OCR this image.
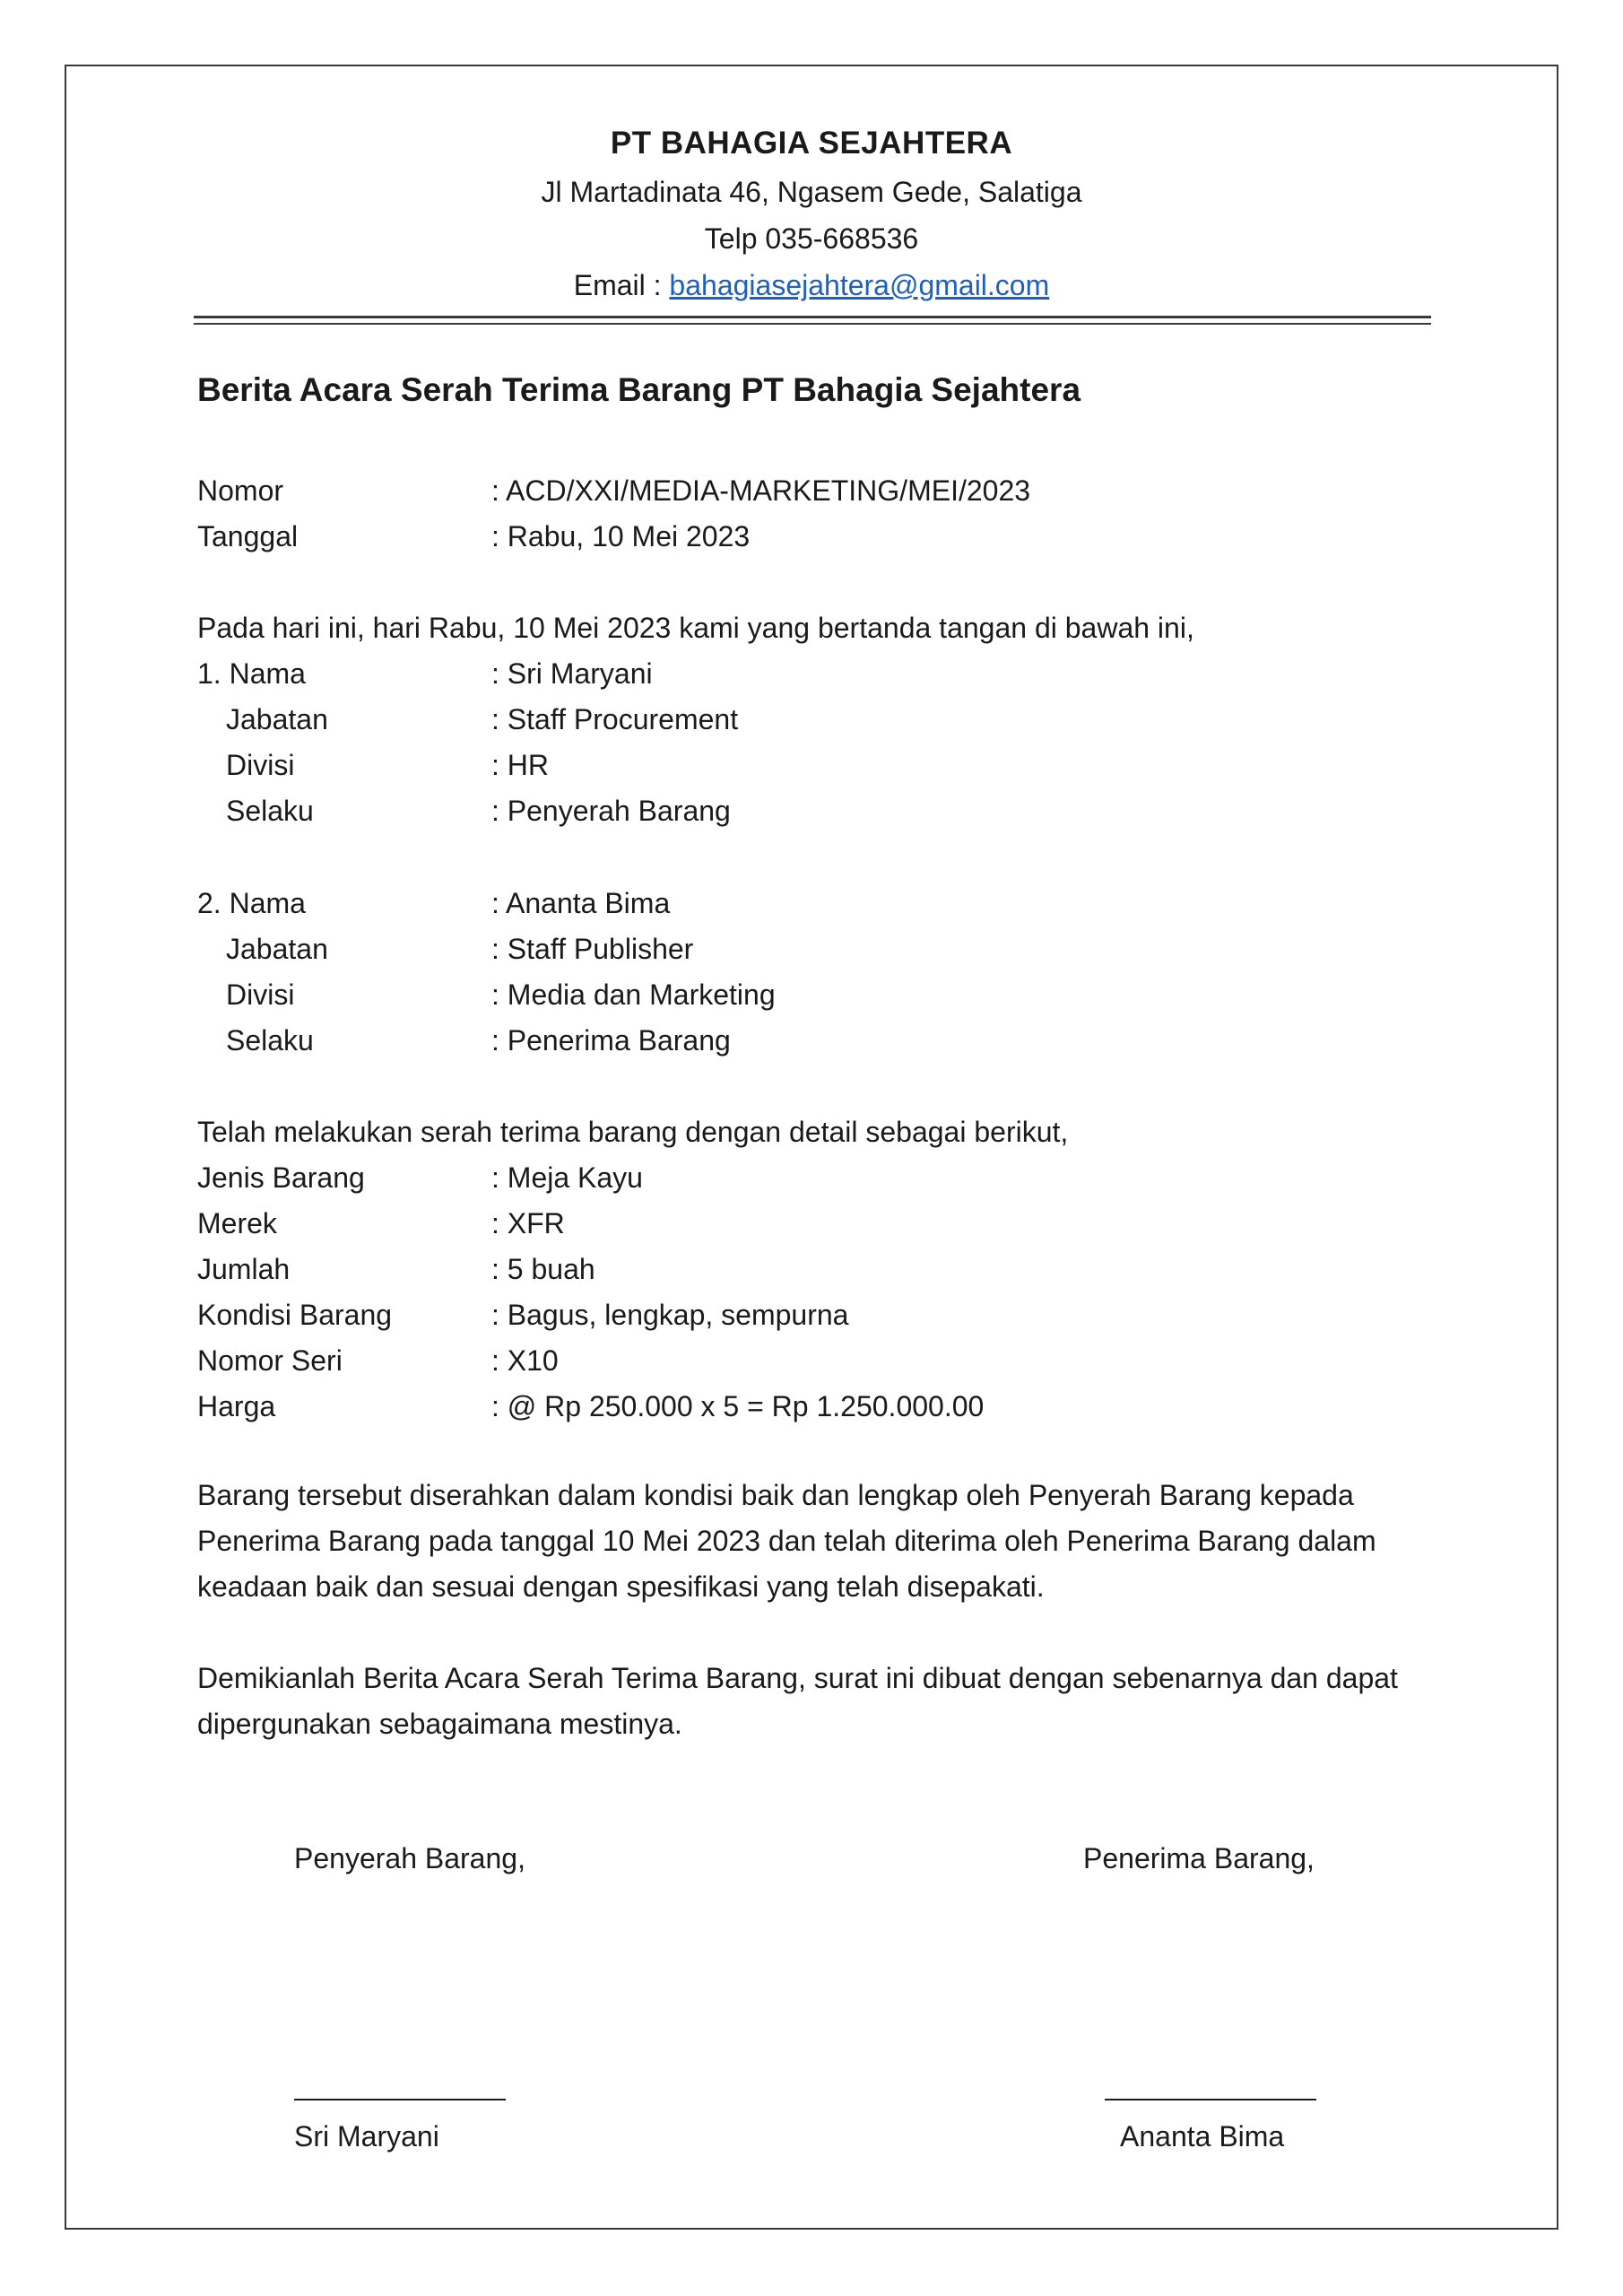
PT BAHAGIA SEJAHTERA
Jl Martadinata 46, Ngasem Gede, Salatiga
Telp 035-668536
Email : bahagiasejahtera@gmail.com
Berita Acara Serah Terima Barang PT Bahagia Sejahtera
Nomor	: ACD/XXI/MEDIA-MARKETING/MEI/2023
Tanggal	: Rabu, 10 Mei 2023
Pada hari ini, hari Rabu, 10 Mei 2023 kami yang bertanda tangan di bawah ini,
1. Nama	: Sri Maryani
Jabatan	: Staff Procurement
Divisi	: HR
Selaku	: Penyerah Barang
2. Nama	: Ananta Bima
Jabatan	: Staff Publisher
Divisi	: Media dan Marketing
Selaku	: Penerima Barang
Telah melakukan serah terima barang dengan detail sebagai berikut,
Jenis Barang	: Meja Kayu
Merek	: XFR
Jumlah	: 5 buah
Kondisi Barang	: Bagus, lengkap, sempurna
Nomor Seri	: X10
Harga	: @ Rp 250.000 x 5 = Rp 1.250.000.00
Barang tersebut diserahkan dalam kondisi baik dan lengkap oleh Penyerah Barang kepada Penerima Barang pada tanggal 10 Mei 2023 dan telah diterima oleh Penerima Barang dalam keadaan baik dan sesuai dengan spesifikasi yang telah disepakati.
Demikianlah Berita Acara Serah Terima Barang, surat ini dibuat dengan sebenarnya dan dapat dipergunakan sebagaimana mestinya.
Penyerah Barang,	Penerima Barang,
Sri Maryani	Ananta Bima
